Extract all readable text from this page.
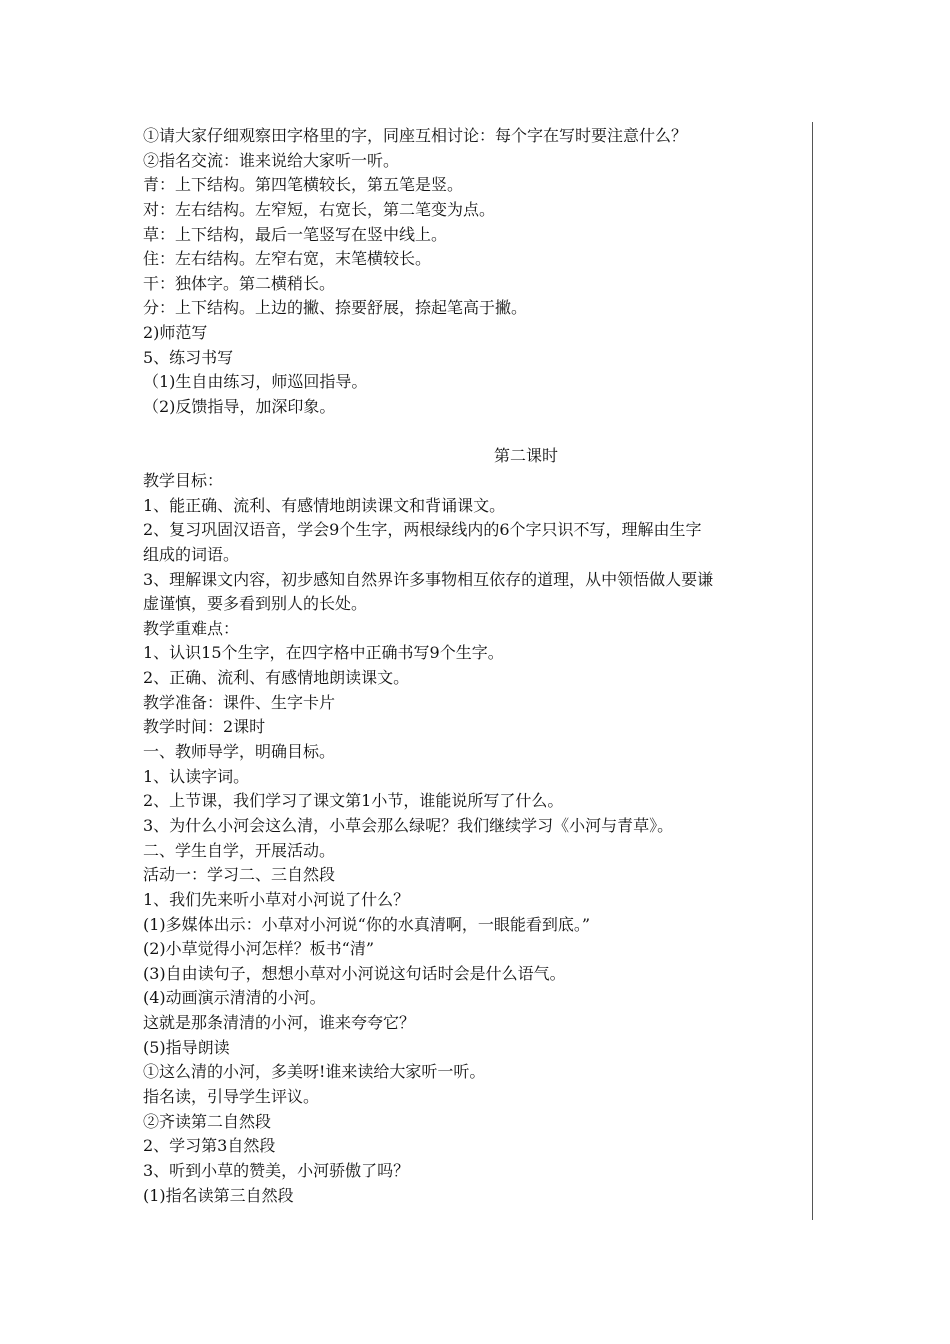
①请大家仔细观察田字格里的字，同座互相讨论：每个字在写时要注意什么？
②指名交流：谁来说给大家听一听。
青：上下结构。第四笔横较长，第五笔是竖。
对：左右结构。左窄短，右宽长，第二笔变为点。
草：上下结构，最后一笔竖写在竖中线上。
住：左右结构。左窄右宽，末笔横较长。
干：独体字。第二横稍长。
分：上下结构。上边的撇、捺要舒展，捺起笔高于撇。
2)师范写
5、练习书写
（1)生自由练习，师巡回指导。
（2)反馈指导，加深印象。
第二课时
教学目标：
1、能正确、流利、有感情地朗读课文和背诵课文。
2、复习巩固汉语音，学会9个生字，两根绿线内的6个字只识不写，理解由生字
组成的词语。
3、理解课文内容，初步感知自然界许多事物相互依存的道理，从中领悟做人要谦
虚谨慎，要多看到别人的长处。
教学重难点：
1、认识15个生字，在四字格中正确书写9个生字。
2、正确、流利、有感情地朗读课文。
教学准备：课件、生字卡片
教学时间：2课时
一、教师导学，明确目标。
1、认读字词。
2、上节课，我们学习了课文第1小节，谁能说所写了什么。
3、为什么小河会这么清，小草会那么绿呢？我们继续学习《小河与青草》。
二、学生自学，开展活动。
活动一：学习二、三自然段
1、我们先来听小草对小河说了什么？
(1)多媒体出示：小草对小河说“你的水真清啊，一眼能看到底。”
(2)小草觉得小河怎样？板书“清”
(3)自由读句子，想想小草对小河说这句话时会是什么语气。
(4)动画演示清清的小河。
这就是那条清清的小河，谁来夸夸它？
(5)指导朗读
①这么清的小河，多美呀!谁来读给大家听一听。
指名读，引导学生评议。
②齐读第二自然段
2、学习第3自然段
3、听到小草的赞美，小河骄傲了吗？
(1)指名读第三自然段
